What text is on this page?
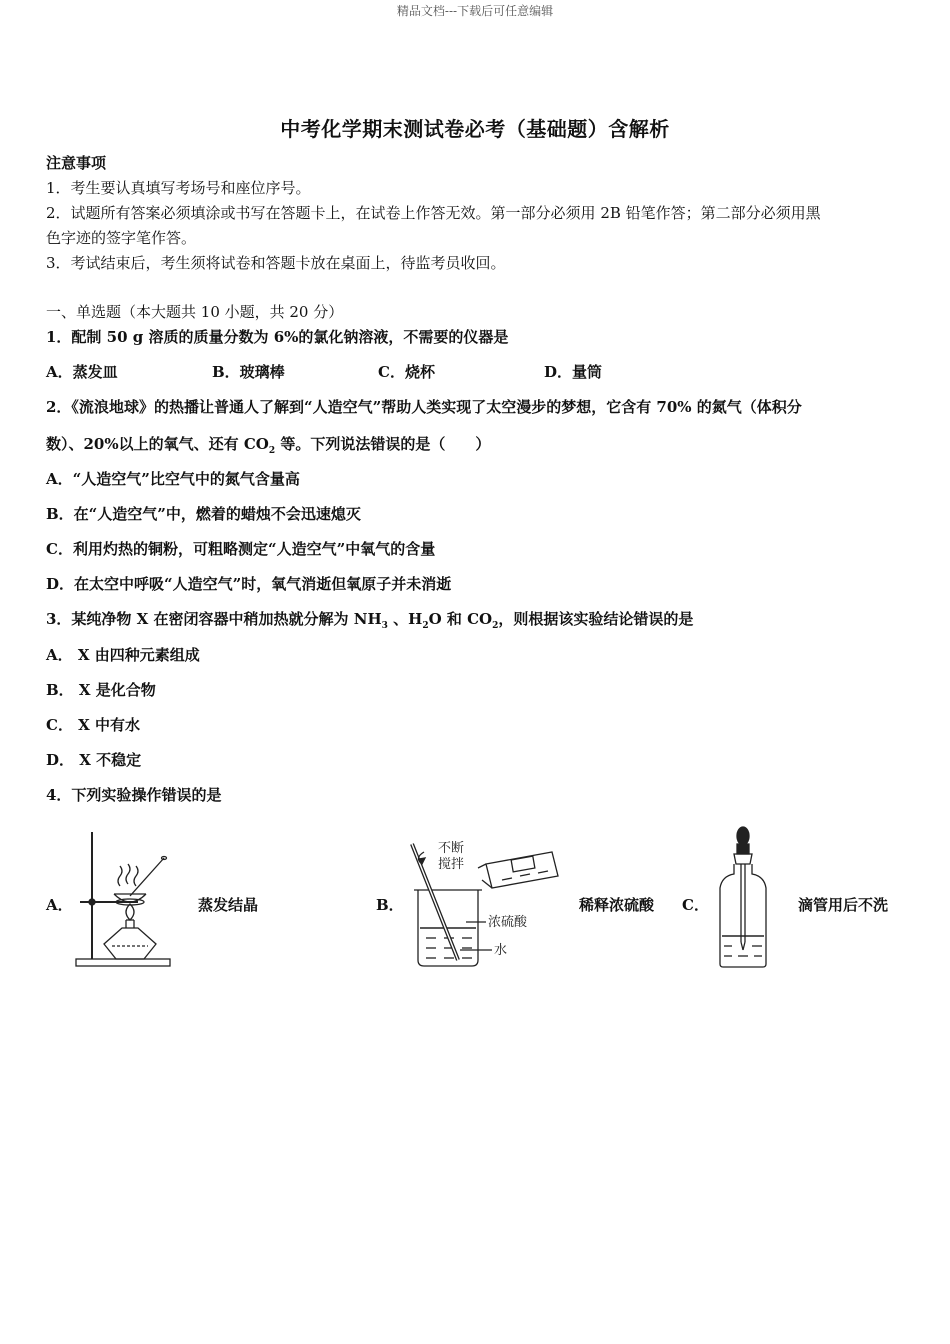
精品文档---下载后可任意编辑
中考化学期末测试卷必考（基础题）含解析
注意事项
1．考生要认真填写考场号和座位序号。
2．试题所有答案必须填涂或书写在答题卡上，在试卷上作答无效。第一部分必须用 2B 铅笔作答；第二部分必须用黑
色字迹的签字笔作答。
3．考试结束后，考生须将试卷和答题卡放在桌面上，待监考员收回。
一、单选题（本大题共 10 小题，共 20 分）
1．配制 50 g 溶质的质量分数为 6%的氯化钠溶液，不需要的仪器是
A．蒸发皿	B．玻璃棒	C．烧杯	D．量筒
2．《流浪地球》的热播让普通人了解到“人造空气”帮助人类实现了太空漫步的梦想，它含有 70% 的氮气（体积分
数）、20%以上的氧气、还有 $CO_2$ 等。下列说法错误的是（　　）
A．“人造空气”比空气中的氮气含量高
B．在“人造空气”中，燃着的蜡烛不会迅速熄灭
C．利用灼热的铜粉，可粗略测定“人造空气”中氧气的含量
D．在太空中呼吸“人造空气”时，氧气消逝但氧原子并未消逝
3．某纯净物 X 在密闭容器中稍加热就分解为 $NH_3$ 、$H_2O$ 和 $CO_2$，则根据该实验结论错误的是
A． X 由四种元素组成
B． X 是化合物
C． X 中有水
D． X 不稳定
4．下列实验操作错误的是
A．	蒸发结晶	B．
不断
搅拌
浓硫酸
水
稀释浓硫酸 C．	滴管用后不洗
